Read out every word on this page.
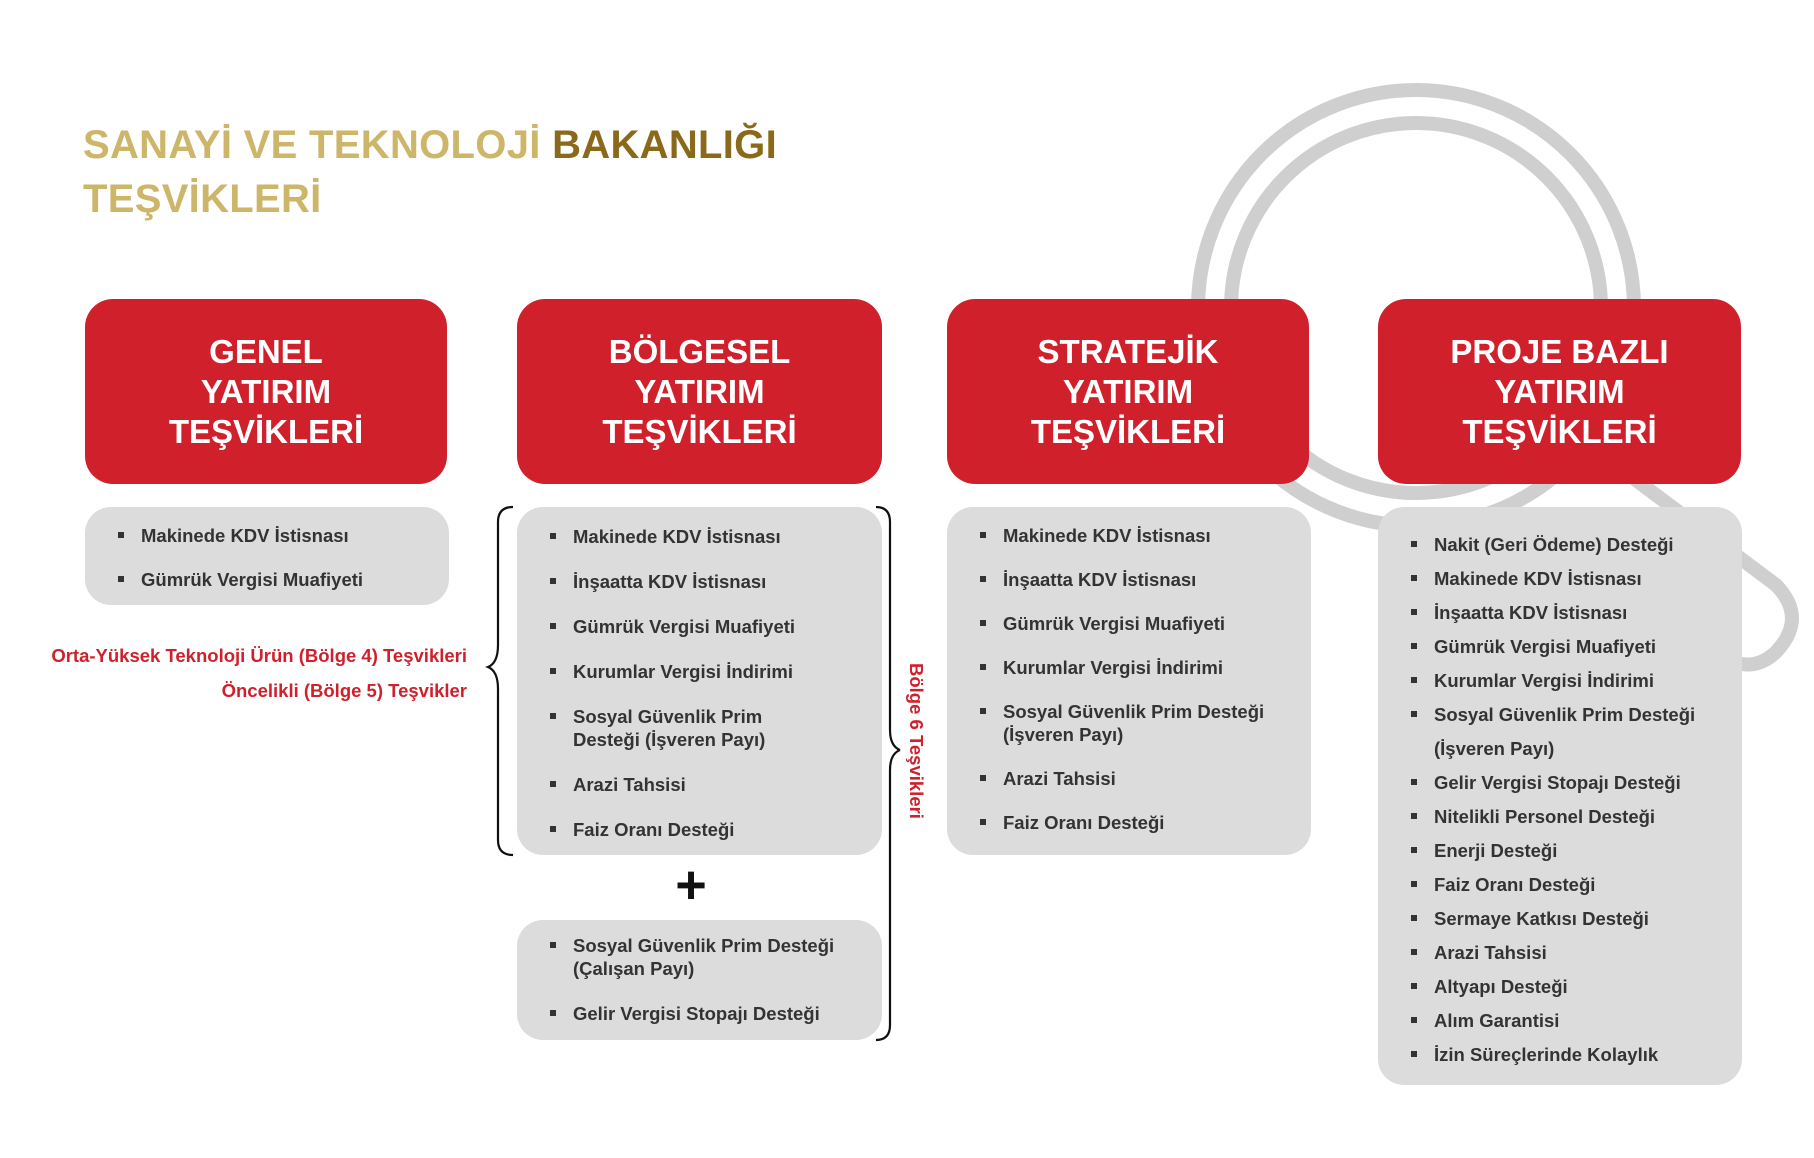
SANAYİ VE TEKNOLOJİ BAKANLIĞI
TEŞVİKLERİ
GENEL
YATIRIM
TEŞVİKLERİ
BÖLGESEL
YATIRIM
TEŞVİKLERİ
STRATEJİK
YATIRIM
TEŞVİKLERİ
PROJE BAZLI
YATIRIM
TEŞVİKLERİ
Makinede KDV İstisnası
Gümrük Vergisi Muafiyeti
Makinede KDV İstisnası
İnşaatta KDV İstisnası
Gümrük Vergisi Muafiyeti
Kurumlar Vergisi İndirimi
Sosyal Güvenlik Prim Desteği (İşveren Payı)
Arazi Tahsisi
Faiz Oranı Desteği
+
Sosyal Güvenlik Prim Desteği (Çalışan Payı)
Gelir Vergisi Stopajı Desteği
Makinede KDV İstisnası
İnşaatta KDV İstisnası
Gümrük Vergisi Muafiyeti
Kurumlar Vergisi İndirimi
Sosyal Güvenlik Prim Desteği (İşveren Payı)
Arazi Tahsisi
Faiz Oranı Desteği
Nakit (Geri Ödeme) Desteği
Makinede KDV İstisnası
İnşaatta KDV İstisnası
Gümrük Vergisi Muafiyeti
Kurumlar Vergisi İndirimi
Sosyal Güvenlik Prim Desteği
(İşveren Payı)
Gelir Vergisi Stopajı Desteği
Nitelikli Personel Desteği
Enerji Desteği
Faiz Oranı Desteği
Sermaye Katkısı Desteği
Arazi Tahsisi
Altyapı Desteği
Alım Garantisi
İzin Süreçlerinde Kolaylık
Orta-Yüksek Teknoloji Ürün (Bölge 4) Teşvikleri
Öncelikli (Bölge 5) Teşvikler	Bölge 6 Teşvikleri
